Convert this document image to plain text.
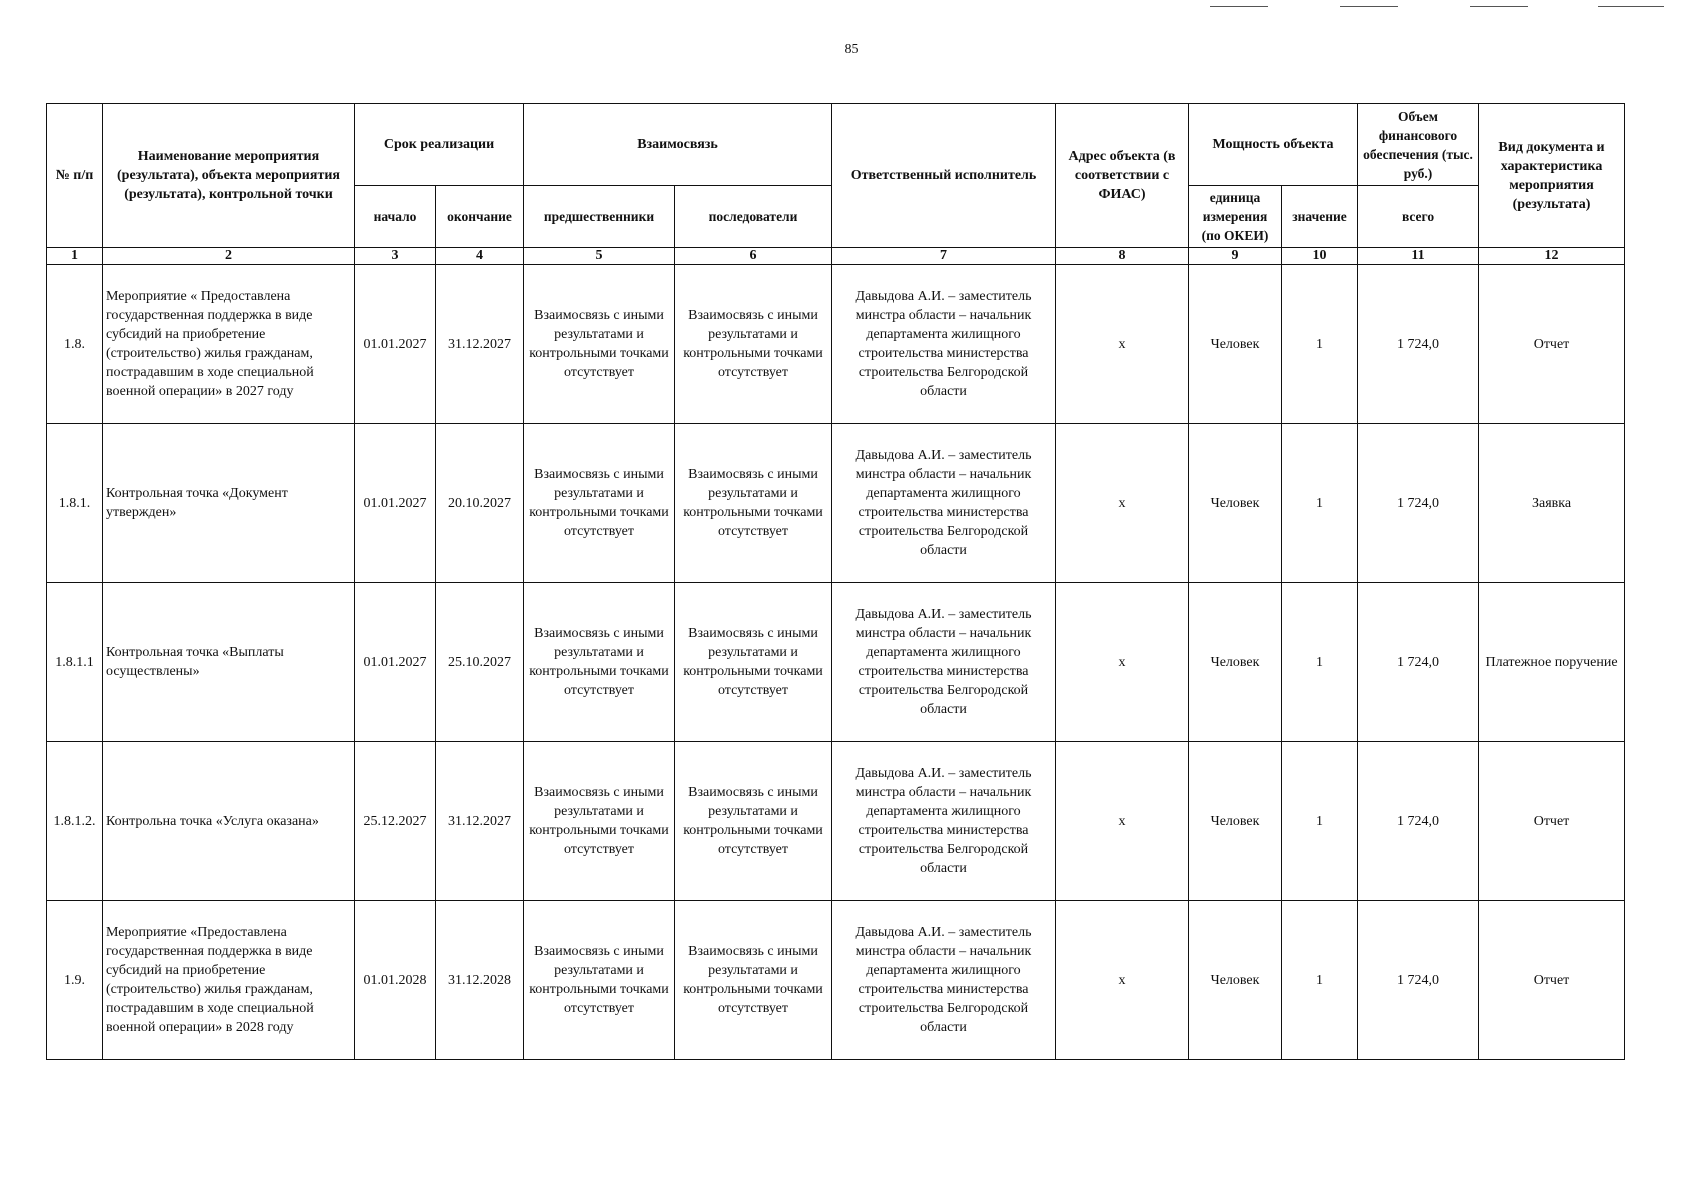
85
№ п/п	Наименование мероприятия (результата), объекта мероприятия (результата), контрольной точки	Срок реализации		Взаимосвязь		Ответственный исполнитель	Адрес объекта (в соответствии с ФИАС)	Мощность объекта		Объем финансового обеспечения (тыс. руб.)	Вид документа и характеристика мероприятия (результата)
		начало	окончание	предшественники	последователи			единица измерения (по ОКЕИ)	значение	всего	
1	2	3	4	5	6	7	8	9	10	11	12
1.8.	Мероприятие « Предоставлена государственная поддержка в виде субсидий на приобретение (строительство) жилья гражданам, пострадавшим в ходе специальной военной операции» в 2027 году	01.01.2027	31.12.2027	Взаимосвязь с иными результатами и контрольными точками отсутствует	Взаимосвязь с иными результатами и контрольными точками отсутствует	Давыдова А.И. – заместитель минстра области – начальник департамента жилищного строительства министерства строительства Белгородской области	х	Человек	1	1 724,0	Отчет
1.8.1.	Контрольная точка «Документ утвержден»	01.01.2027	20.10.2027	Взаимосвязь с иными результатами и контрольными точками отсутствует	Взаимосвязь с иными результатами и контрольными точками отсутствует	Давыдова А.И. – заместитель минстра области – начальник департамента жилищного строительства министерства строительства Белгородской области	х	Человек	1	1 724,0	Заявка
1.8.1.1	Контрольная точка «Выплаты осуществлены»	01.01.2027	25.10.2027	Взаимосвязь с иными результатами и контрольными точками отсутствует	Взаимосвязь с иными результатами и контрольными точками отсутствует	Давыдова А.И. – заместитель минстра области – начальник департамента жилищного строительства министерства строительства Белгородской области	х	Человек	1	1 724,0	Платежное поручение
1.8.1.2.	Контрольна точка «Услуга оказана»	25.12.2027	31.12.2027	Взаимосвязь с иными результатами и контрольными точками отсутствует	Взаимосвязь с иными результатами и контрольными точками отсутствует	Давыдова А.И. – заместитель минстра области – начальник департамента жилищного строительства министерства строительства Белгородской области	х	Человек	1	1 724,0	Отчет
1.9.	Мероприятие «Предоставлена государственная поддержка в виде субсидий на приобретение (строительство) жилья гражданам, пострадавшим в ходе специальной военной операции» в 2028 году	01.01.2028	31.12.2028	Взаимосвязь с иными результатами и контрольными точками отсутствует	Взаимосвязь с иными результатами и контрольными точками отсутствует	Давыдова А.И. – заместитель минстра области – начальник департамента жилищного строительства министерства строительства Белгородской области	х	Человек	1	1 724,0	Отчет
